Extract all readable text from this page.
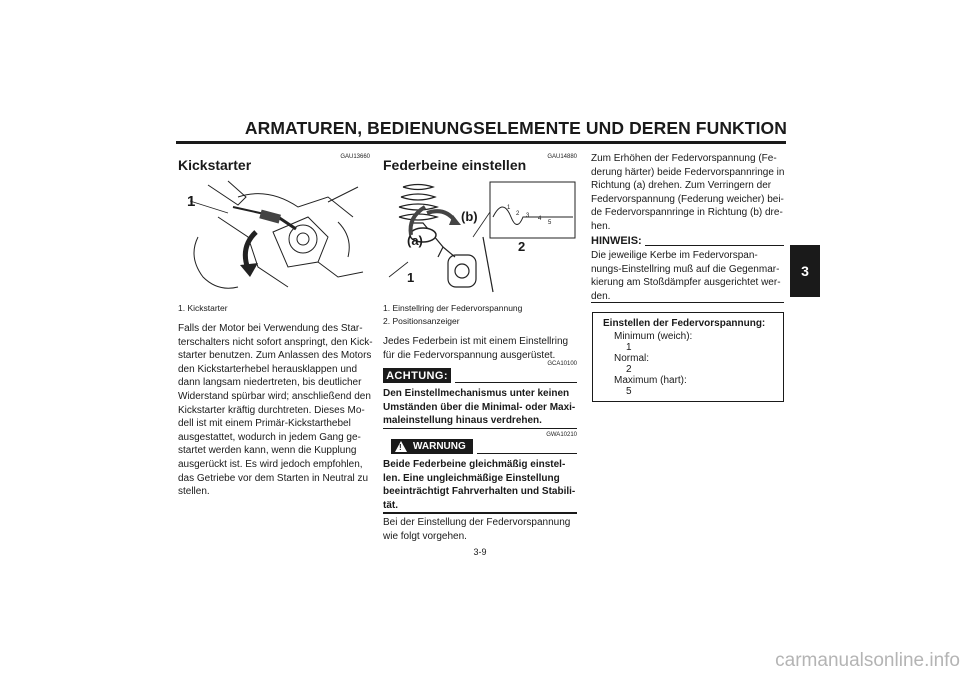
ARMATUREN, BEDIENUNGSELEMENTE UND DEREN FUNKTION
3
GAU13660
Kickstarter
1
1. Kickstarter
Falls der Motor bei Verwendung des Star-
terschalters nicht sofort anspringt, den Kick-
starter benutzen. Zum Anlassen des Motors
den Kickstarterhebel herausklappen und
dann langsam niedertreten, bis deutlicher
Widerstand spürbar wird; anschließend den
Kickstarter kräftig durchtreten. Dieses Mo-
dell ist mit einem Primär-Kickstarthebel
ausgestattet, wodurch in jedem Gang ge-
startet werden kann, wenn die Kupplung
ausgerückt ist. Es wird jedoch empfohlen,
das Getriebe vor dem Starten in Neutral zu
stellen.
GAU14880
Federbeine einstellen
(b)
(a)
1
2
1
2 3 4
5
1. Einstellring der Federvorspannung
2. Positionsanzeiger
Jedes Federbein ist mit einem Einstellring
für die Federvorspannung ausgerüstet.
GCA10100
ACHTUNG:
Den Einstellmechanismus unter keinen
Umständen über die Minimal- oder Maxi-
maleinstellung hinaus verdrehen.
GWA10210
! WARNUNG
Beide Federbeine gleichmäßig einstel-
len. Eine ungleichmäßige Einstellung
beeinträchtigt Fahrverhalten und Stabili-
tät.
Bei der Einstellung der Federvorspannung
wie folgt vorgehen.
Zum Erhöhen der Federvorspannung (Fe-
derung härter) beide Federvorspannringe in
Richtung (a) drehen. Zum Verringern der
Federvorspannung (Federung weicher) bei-
de Federvorspannringe in Richtung (b) dre-
hen.
HINWEIS:
Die jeweilige Kerbe im Federvorspan-
nungs-Einstellring muß auf die Gegenmar-
kierung am Stoßdämpfer ausgerichtet wer-
den.
Einstellen der Federvorspannung:
Minimum (weich):
1
Normal:
2
Maximum (hart):
5
3-9
carmanualsonline.info
